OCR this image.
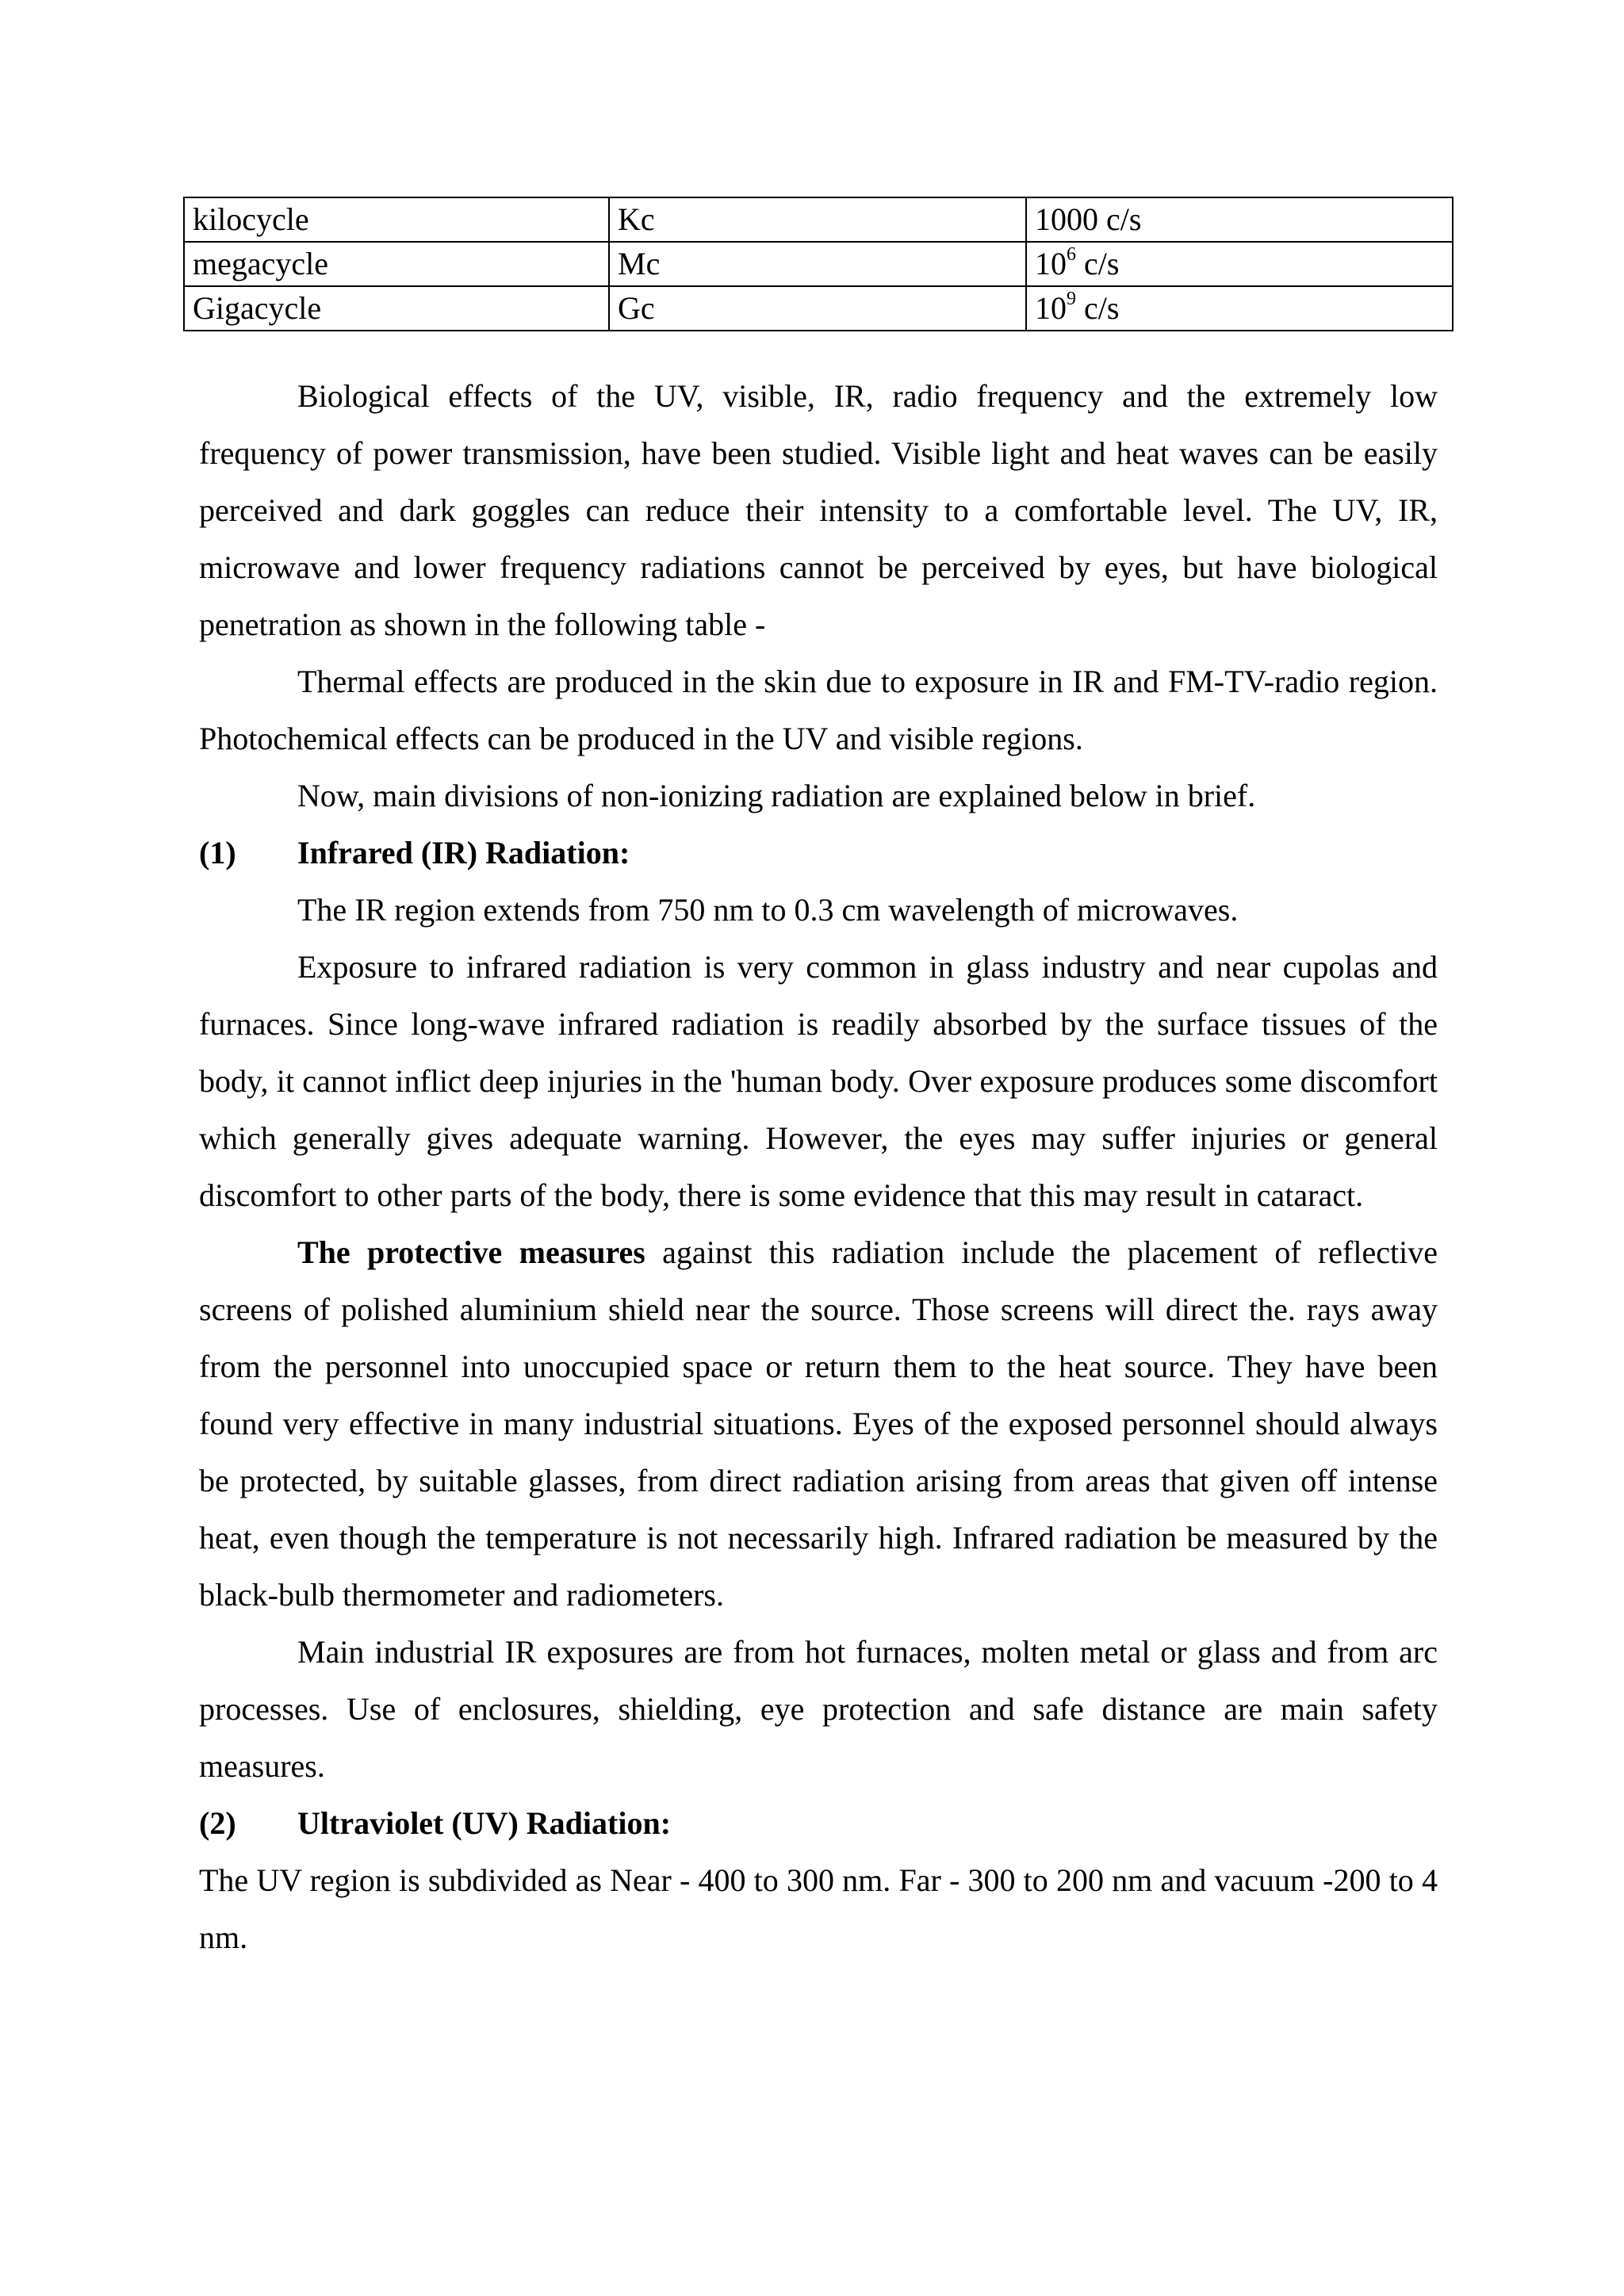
kilocycle	Kc	1000 c/s
megacycle	Mc	$10^6$ c/s
Gigacycle	Gc	$10^9$ c/s

Biological effects of the UV, visible, IR, radio frequency and the extremely low frequency of power transmission, have been studied. Visible light and heat waves can be easily perceived and dark goggles can reduce their intensity to a comfortable level. The UV, IR, microwave and lower frequency radiations cannot be perceived by eyes, but have biological penetration as shown in the following table -

Thermal effects are produced in the skin due to exposure in IR and FM-TV-radio region. Photochemical effects can be produced in the UV and visible regions.

Now, main divisions of non-ionizing radiation are explained below in brief.

(1)	Infrared (IR) Radiation:

The IR region extends from 750 nm to 0.3 cm wavelength of microwaves.

Exposure to infrared radiation is very common in glass industry and near cupolas and furnaces. Since long-wave infrared radiation is readily absorbed by the surface tissues of the body, it cannot inflict deep injuries in the 'human body. Over exposure produces some discomfort which generally gives adequate warning. However, the eyes may suffer injuries or general discomfort to other parts of the body, there is some evidence that this may result in cataract.

The protective measures against this radiation include the placement of reflective screens of polished aluminium shield near the source. Those screens will direct the. rays away from the personnel into unoccupied space or return them to the heat source. They have been found very effective in many industrial situations. Eyes of the exposed personnel should always be protected, by suitable glasses, from direct radiation arising from areas that given off intense heat, even though the temperature is not necessarily high. Infrared radiation be measured by the black-bulb thermometer and radiometers.

Main industrial IR exposures are from hot furnaces, molten metal or glass and from arc processes. Use of enclosures, shielding, eye protection and safe distance are main safety measures.

(2)	Ultraviolet (UV) Radiation:

The UV region is subdivided as Near - 400 to 300 nm. Far - 300 to 200 nm and vacuum -200 to 4 nm.
